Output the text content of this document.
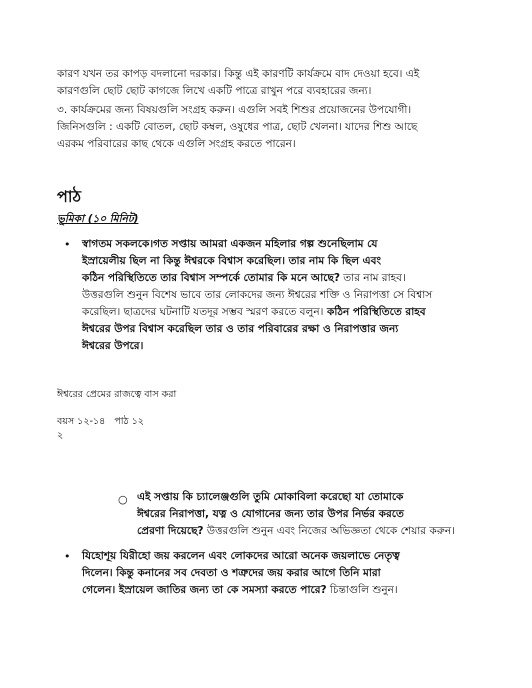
কারণ যখন তর কাপড় বদলানো দরকার। কিন্তু এই কারণটি কার্যক্রমে বাদ দেওয়া হবে। এই
কারণগুলি ছোট ছোট কাগজে লিখে একটি পাত্রে রাখুন পরে ব্যবহারের জন্য।
৩. কার্যক্রমের জন্য বিষয়গুলি সংগ্রহ করুন। এগুলি সবই শিশুর প্রয়োজনের উপযোগী।
জিনিসগুলি : একটি বোতল, ছোট কম্বল, ওষুধের পাত্র, ছোট খেলনা। যাদের শিশু আছে
এরকম পরিবারের কাছ থেকে এগুলি সংগ্রহ করতে পারেন।
পাঠ
ভূমিকা (১০ মিনিট)
• স্বাগতম সকলকে।গত সপ্তায় আমরা একজন মহিলার গল্প শুনেছিলাম যে
ইস্রায়েলীয় ছিল না কিন্তু ঈশ্বরকে বিশ্বাস করেছিল। তার নাম কি ছিল এবং
কঠিন পরিস্থিতিতে তার বিশ্বাস সম্পর্কে তোমার কি মনে আছে? তার নাম রাহব।
উত্তরগুলি শুনুন বিশেষ ভাবে তার লোকদের জন্য ঈশ্বরের শক্তি ও নিরাপত্তা সে বিশ্বাস
করেছিল। ছাত্রদের ঘটনাটি যতদূর সম্ভব স্মরণ করতে বলুন। কঠিন পরিস্থিতিতে রাহব
ঈশ্বরের উপর বিশ্বাস করেছিল তার ও তার পরিবারের রক্ষা ও নিরাপত্তার জন্য
ঈশ্বরের উপরে।
ঈশ্বরের প্রেমের রাজত্বে বাস করা
বয়স ১২-১৪   পাঠ ১২
২
○ এই সপ্তায় কি চ্যালেঞ্জগুলি তুমি মোকাবিলা করেছো যা তোমাকে
ঈশ্বরের নিরাপত্তা, যত্ন ও যোগানের জন্য তার উপর নির্ভর করতে
প্রেরণা দিয়েছে? উত্তরগুলি শুনুন এবং নিজের অভিজ্ঞতা থেকে শেয়ার করুন।
• যিহোশূয় যিরীহো জয় করলেন এবং লোকদের আরো অনেক জয়লাভে নেতৃত্ব
দিলেন। কিন্তু কনানের সব দেবতা ও শত্রুদের জয় করার আগে তিনি মারা
গেলেন। ইস্রায়েল জাতির জন্য তা কে সমস্যা করতে পারে? চিন্তাগুলি শুনুন।
